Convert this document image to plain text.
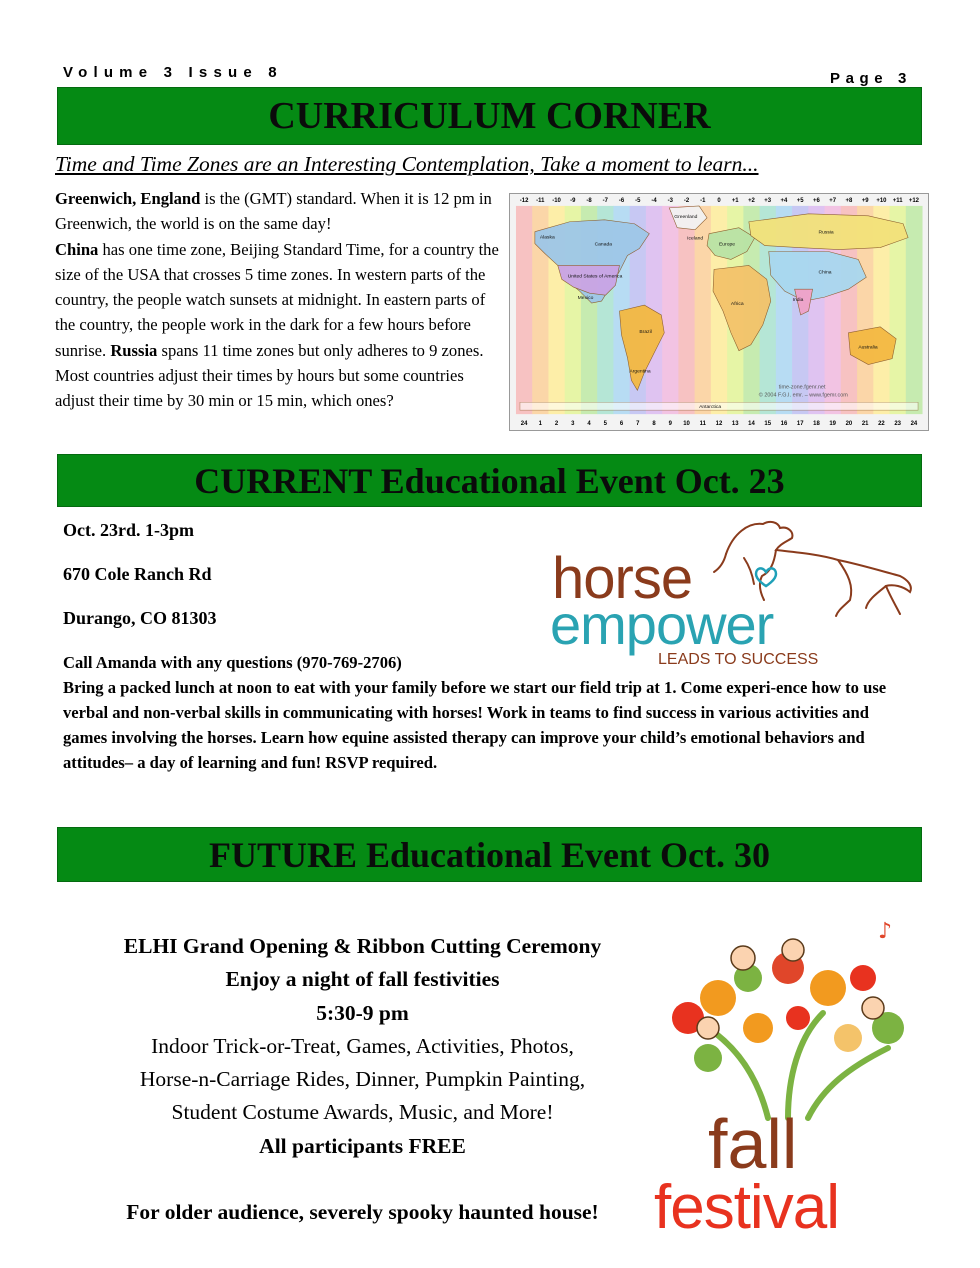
Volume 3 Issue 8	Page 3
CURRICULUM CORNER
Time and Time Zones are an Interesting Contemplation, Take a moment to learn...
Greenwich, England is the (GMT) standard. When it is 12 pm in Greenwich, the world is on the same day!
China has one time zone, Beijing Standard Time, for a country the size of the USA that crosses 5 time zones. In western parts of the country, the people watch sunsets at midnight. In eastern parts of the country, the people work in the dark for a few hours before sunrise. Russia spans 11 time zones but only adheres to 9 zones. Most countries adjust their times by hours but some countries adjust their time by 30 min or 15 min, which ones?
Alaska
Canada
United States of America
Mexico
Brazil
Argentina
Greenland
Iceland
Europe
Africa
Russia
China
India
Australia
Antarctica
-12 -11 -10 -9 -8 -7 -6 -5 -4 -3 -2 -1 0 +1 +2 +3 +4 +5 +6 +7 +8 +9 +10 +11 +12
24 1 2 3 4 5 6 7 8 9 10 11 12 13 14 15 16 17 18 19 20 21 22 23 24
time-zone.fgenr.net
© 2004 F.G.I. emr. – www.fgemr.com
CURRENT Educational Event Oct. 23
Oct. 23rd. 1-3pm
670 Cole Ranch Rd
Durango, CO 81303
Call Amanda with any questions (970-769-2706)
Bring a packed lunch at noon to eat with your family before we start our field trip at 1. Come experi-ence how to use verbal and non-verbal skills in communicating with horses! Work in teams to find success in various activities and games involving the horses. Learn how equine assisted therapy can improve your child’s emotional behaviors and attitudes– a day of learning and fun! RSVP required.
horse
empower
LEADS TO SUCCESS
FUTURE Educational Event Oct. 30
ELHI Grand Opening & Ribbon Cutting Ceremony
Enjoy a night of fall festivities
5:30-9 pm
Indoor Trick-or-Treat, Games, Activities, Photos,
Horse-n-Carriage Rides, Dinner, Pumpkin Painting,
Student Costume Awards, Music, and More!
All participants FREE
For older audience, severely spooky haunted house!
♪
fall
festival
